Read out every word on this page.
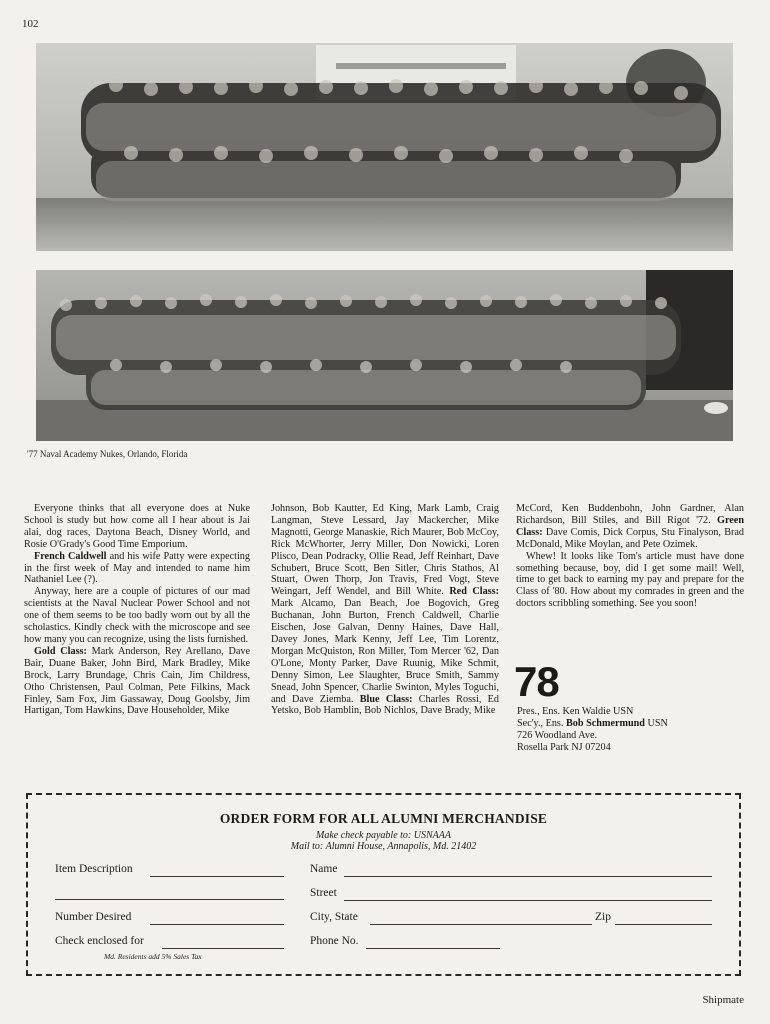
102
'77 Naval Academy Nukes, Orlando, Florida

Everyone thinks that all everyone does at Nuke School is study but how come all I hear about is Jai alai, dog races, Daytona Beach, Disney World, and Rosie O'Grady's Good Time Emporium.

French Caldwell and his wife Patty were expecting in the first week of May and intended to name him Nathaniel Lee (?).

Anyway, here are a couple of pictures of our mad scientists at the Naval Nuclear Power School and not one of them seems to be too badly worn out by all the scholastics. Kindly check with the microscope and see how many you can recognize, using the lists furnished.

Gold Class: Mark Anderson, Rey Arellano, Dave Bair, Duane Baker, John Bird, Mark Bradley, Mike Brock, Larry Brundage, Chris Cain, Jim Childress, Otho Christensen, Paul Colman, Pete Filkins, Mack Finley, Sam Fox, Jim Gassaway, Doug Goolsby, Jim Hartigan, Tom Hawkins, Dave Householder, Mike

Johnson, Bob Kautter, Ed King, Mark Lamb, Craig Langman, Steve Lessard, Jay Mackercher, Mike Magnotti, George Manaskie, Rich Maurer, Bob McCoy, Rick McWhorter, Jerry Miller, Don Nowicki, Loren Plisco, Dean Podracky, Ollie Read, Jeff Reinhart, Dave Schubert, Bruce Scott, Ben Sitler, Chris Stathos, Al Stuart, Owen Thorp, Jon Travis, Fred Vogt, Steve Weingart, Jeff Wendel, and Bill White. Red Class: Mark Alcamo, Dan Beach, Joe Bogovich, Greg Buchanan, John Burton, French Caldwell, Charlie Eischen, Jose Galvan, Denny Haines, Dave Hall, Davey Jones, Mark Kenny, Jeff Lee, Tim Lorentz, Morgan McQuiston, Ron Miller, Tom Mercer '62, Dan O'Lone, Monty Parker, Dave Ruunig, Mike Schmit, Denny Simon, Lee Slaughter, Bruce Smith, Sammy Snead, John Spencer, Charlie Swinton, Myles Toguchi, and Dave Ziemba. Blue Class: Charles Rossi, Ed Yetsko, Bob Hamblin, Bob Nichlos, Dave Brady, Mike

McCord, Ken Buddenbohn, John Gardner, Alan Richardson, Bill Stiles, and Bill Rigot '72. Green Class: Dave Comis, Dick Corpus, Stu Finalyson, Brad McDonald, Mike Moylan, and Pete Ozimek.

Whew! It looks like Tom's article must have done something because, boy, did I get some mail! Well, time to get back to earning my pay and prepare for the Class of '80. How about my comrades in green and the doctors scribbling something. See you soon!

78
Pres., Ens. Ken Waldie USN
Sec'y., Ens. Bob Schmermund USN
726 Woodland Ave.
Rosella Park NJ 07204
ORDER FORM FOR ALL ALUMNI MERCHANDISE
Make check payable to: USNAAA
Mail to: Alumni House, Annapolis, Md. 21402
Item Description
Number Desired
Check enclosed for
Md. Residents add 5% Sales Tax
Name
Street
City, State	Zip
Phone No.
Shipmate
